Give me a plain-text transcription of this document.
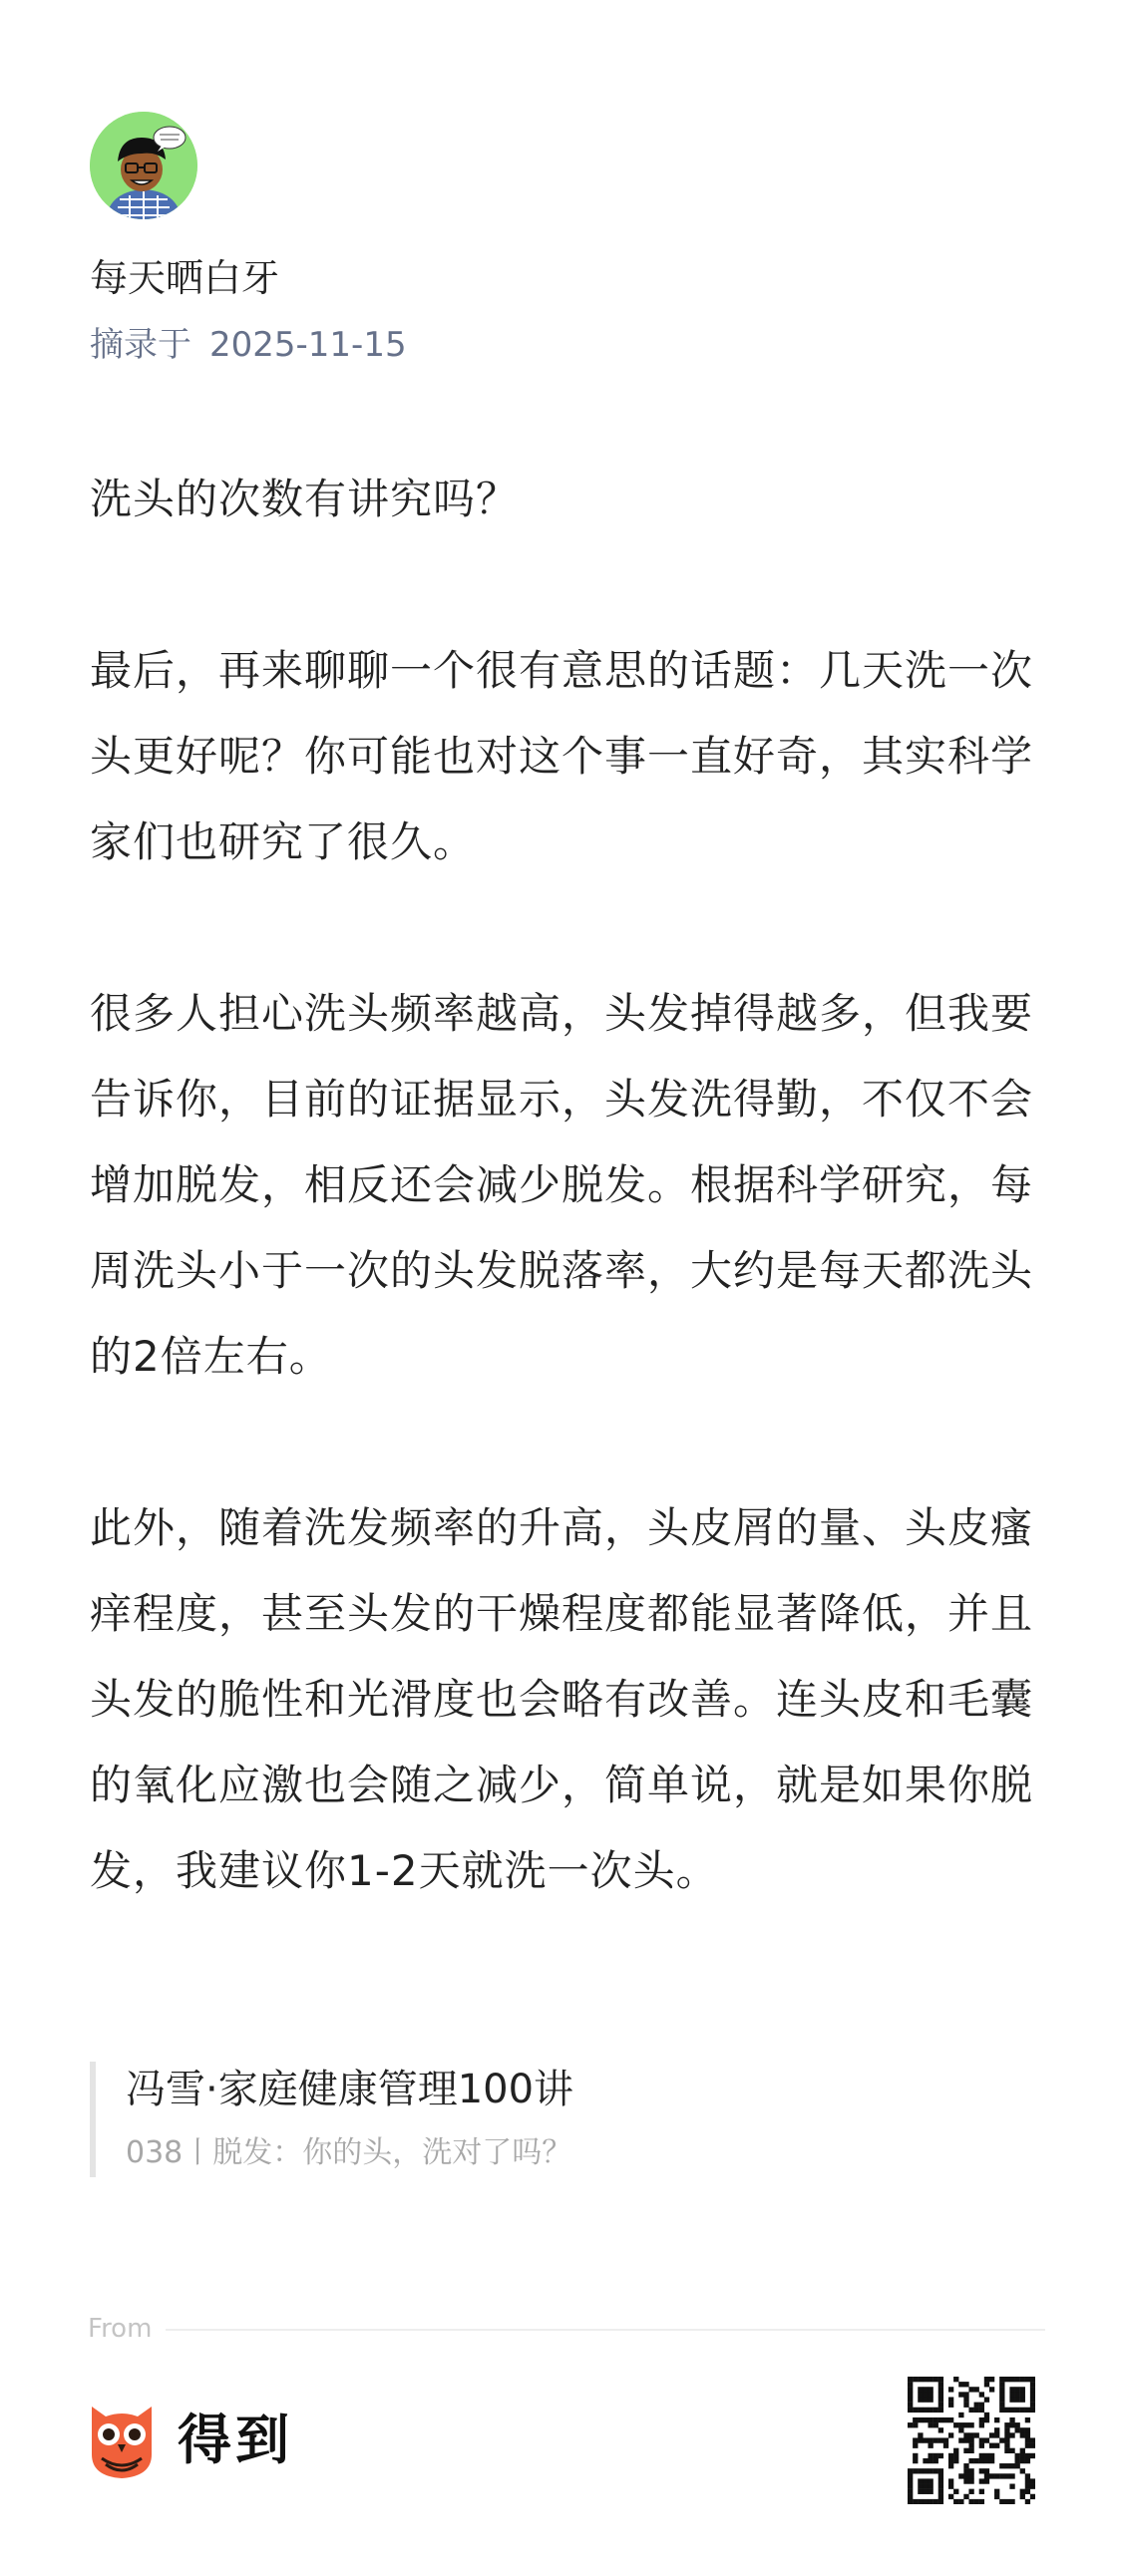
每天晒白牙
摘录于 2025-11-15

洗头的次数有讲究吗？

最后，再来聊聊一个很有意思的话题：几天洗一次头更好呢？你可能也对这个事一直好奇，其实科学家们也研究了很久。

很多人担心洗头频率越高，头发掉得越多，但我要告诉你，目前的证据显示，头发洗得勤，不仅不会增加脱发，相反还会减少脱发。根据科学研究，每周洗头小于一次的头发脱落率，大约是每天都洗头的2倍左右。

此外，随着洗发频率的升高，头皮屑的量、头皮瘙痒程度，甚至头发的干燥程度都能显著降低，并且头发的脆性和光滑度也会略有改善。连头皮和毛囊的氧化应激也会随之减少，简单说，就是如果你脱发，我建议你1-2天就洗一次头。

冯雪·家庭健康管理100讲
038丨脱发：你的头，洗对了吗？
From
得到
